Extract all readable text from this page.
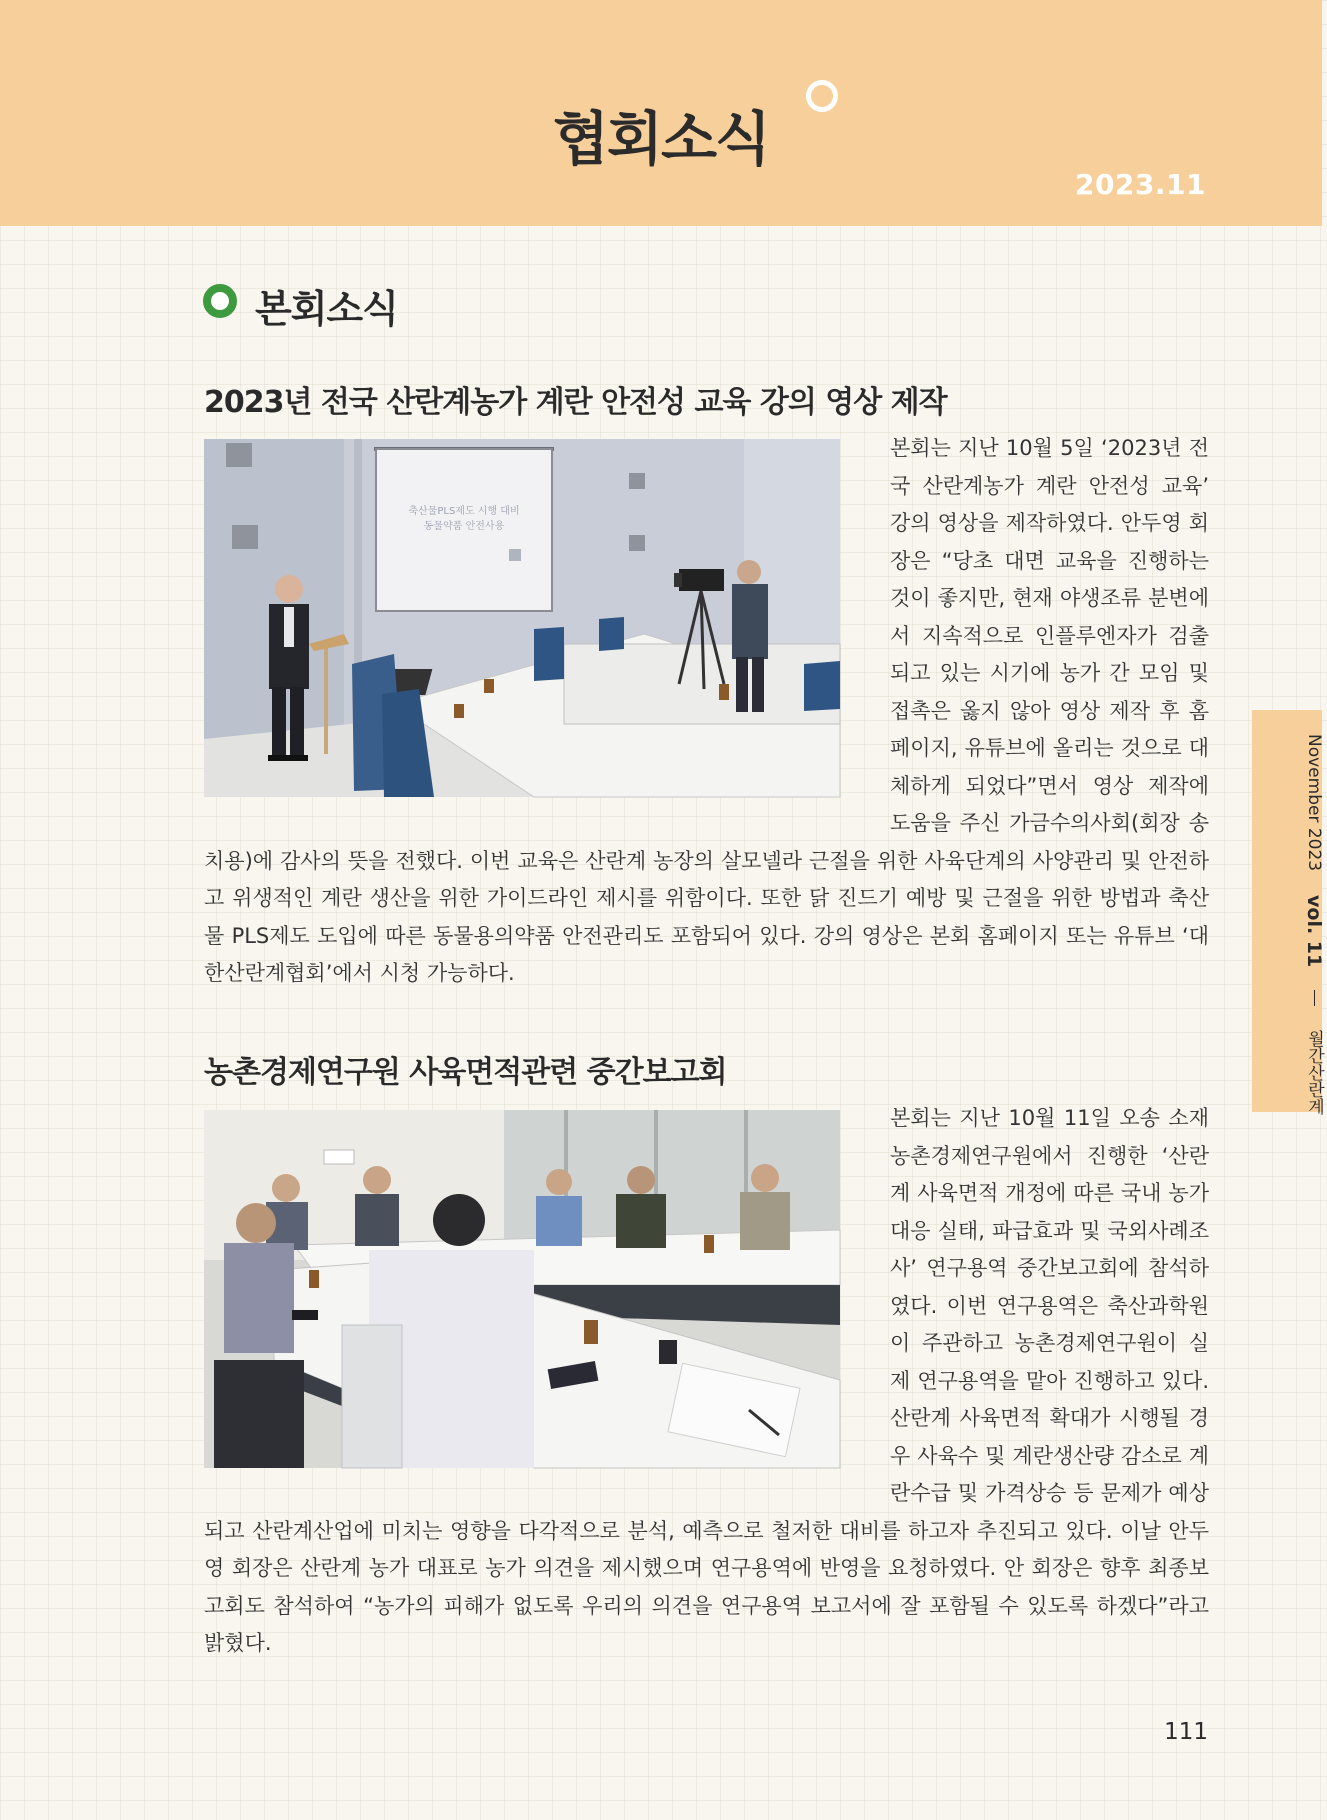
협회소식
2023.11
본회소식
2023년 전국 산란계농가 계란 안전성 교육 강의 영상 제작
축산물PLS제도 시행 대비
동물약품 안전사용

본회는 지난 10월 5일 ‘2023년 전국 산란계농가 계란 안전성 교육’ 강의 영상을 제작하였다. 안두영 회장은 “당초 대면 교육을 진행하는 것이 좋지만, 현재 야생조류 분변에서 지속적으로 인플루엔자가 검출되고 있는 시기에 농가 간 모임 및 접촉은 옳지 않아 영상 제작 후 홈페이지, 유튜브에 올리는 것으로 대체하게 되었다”면서 영상 제작에 도움을 주신 가금수의사회(회장 송치용)에 감사의 뜻을 전했다. 이번 교육은 산란계 농장의 살모넬라 근절을 위한 사육단계의 사양관리 및 안전하고 위생적인 계란 생산을 위한 가이드라인 제시를 위함이다. 또한 닭 진드기 예방 및 근절을 위한 방법과 축산물 PLS제도 도입에 따른 동물용의약품 안전관리도 포함되어 있다. 강의 영상은 본회 홈페이지 또는 유튜브 ‘대한산란계협회’에서 시청 가능하다.

농촌경제연구원 사육면적관련 중간보고회

본회는 지난 10월 11일 오송 소재 농촌경제연구원에서 진행한 ‘산란계 사육면적 개정에 따른 국내 농가 대응 실태, 파급효과 및 국외사례조사’ 연구용역 중간보고회에 참석하였다. 이번 연구용역은 축산과학원이 주관하고 농촌경제연구원이 실제 연구용역을 맡아 진행하고 있다. 산란계 사육면적 확대가 시행될 경우 사육수 및 계란생산량 감소로 계란수급 및 가격상승 등 문제가 예상되고 산란계산업에 미치는 영향을 다각적으로 분석, 예측으로 철저한 대비를 하고자 추진되고 있다. 이날 안두영 회장은 산란계 농가 대표로 농가 의견을 제시했으며 연구용역에 반영을 요청하였다. 안 회장은 향후 최종보고회도 참석하여 “농가의 피해가 없도록 우리의 의견을 연구용역 보고서에 잘 포함될 수 있도록 하겠다”라고 밝혔다.

November 2023 vol. 11  월간산란계
111
